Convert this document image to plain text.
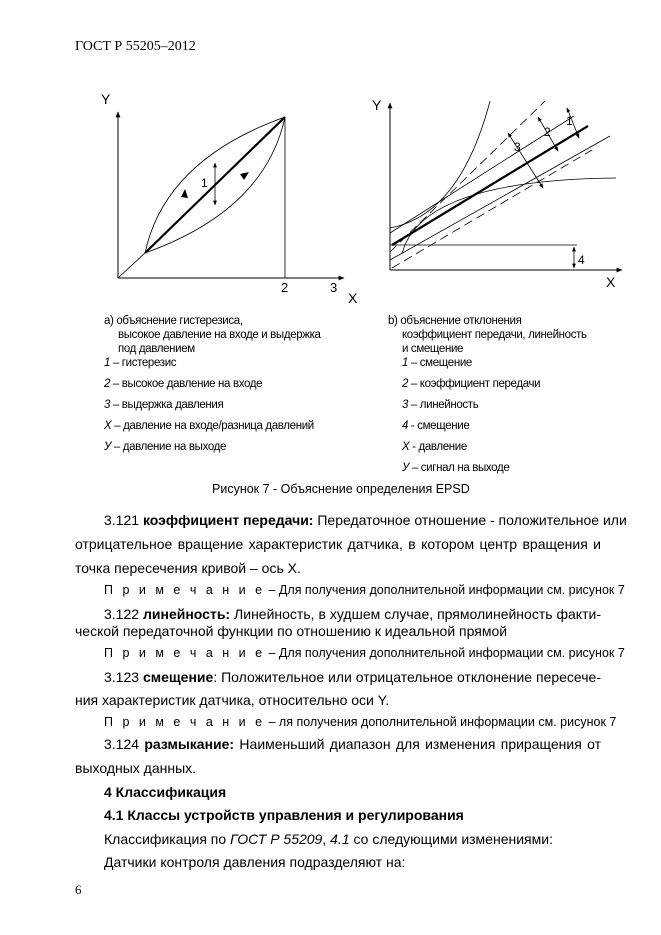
ГОСТ Р 55205–2012
Y
X
2	3
1
Y
X
1
2
3
4
a) объяснение гистерезиса,
высокое давление на входе и выдержка
под давлением
1 – гистерезис
2 – высокое давление на входе
3 – выдержка давления
X – давление на входе/разница давлений
У – давление на выходе
b) объяснение отклонения
коэффициент передачи, линейность
и смещение
1 – смещение
2 – коэффициент передачи
3 – линейность
4 - смещение
X - давление
У – сигнал на выходе
Рисунок 7 - Объяснение определения EPSD
3.121 коэффициент передачи: Передаточное отношение - положительное или
отрицательное вращение характеристик датчика, в котором центр вращения и
точка пересечения кривой – ось X.
П р и м е ч а н и е – Для получения дополнительной информации см. рисунок 7
3.122 линейность: Линейность, в худшем случае, прямолинейность факти-
ческой передаточной функции по отношению к идеальной прямой
П р и м е ч а н и е – Для получения дополнительной информации см. рисунок 7
3.123 смещение: Положительное или отрицательное отклонение пересече-
ния характеристик датчика, относительно оси Y.
П р и м е ч а н и е – ля получения дополнительной информации см. рисунок 7
3.124 размыкание: Наименьший диапазон для изменения приращения от
выходных данных.
4 Классификация
4.1 Классы устройств управления и регулирования
Классификация по ГОСТ Р 55209, 4.1 со следующими изменениями:
Датчики контроля давления подразделяют на:
6
